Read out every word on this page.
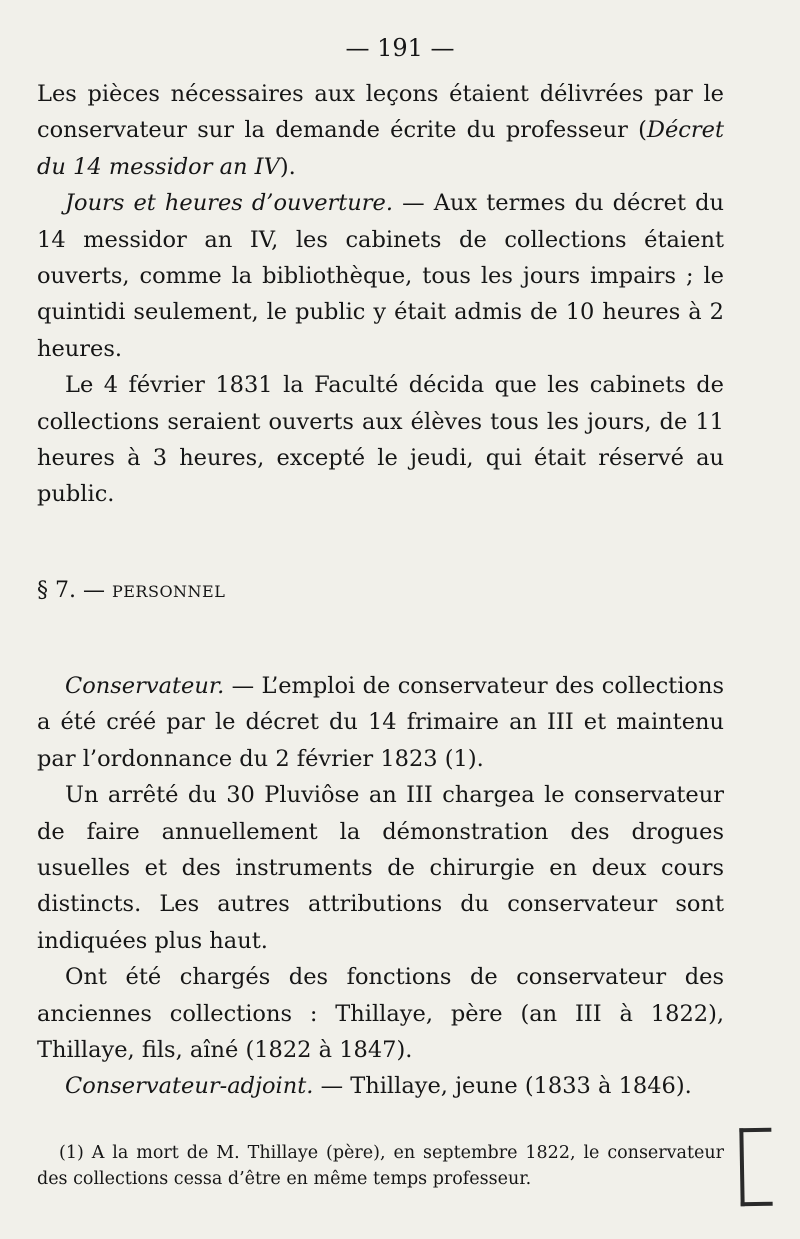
— 191 —

Les pièces nécessaires aux leçons étaient délivrées par le conservateur sur la demande écrite du professeur (Décret du 14 messidor an IV).

Jours et heures d’ouverture. — Aux termes du décret du 14 messidor an IV, les cabinets de collections étaient ouverts, comme la bibliothèque, tous les jours impairs ; le quintidi seulement, le public y était admis de 10 heures à 2 heures.

Le 4 février 1831 la Faculté décida que les cabinets de collections seraient ouverts aux élèves tous les jours, de 11 heures à 3 heures, excepté le jeudi, qui était réservé au public.

§ 7. — PERSONNEL

Conservateur. — L’emploi de conservateur des collections a été créé par le décret du 14 frimaire an III et maintenu par l’ordonnance du 2 février 1823 (1).

Un arrêté du 30 Pluviôse an III chargea le conservateur de faire annuellement la démonstration des drogues usuelles et des instruments de chirurgie en deux cours distincts. Les autres attributions du conservateur sont indiquées plus haut.

Ont été chargés des fonctions de conservateur des anciennes collections : Thillaye, père (an III à 1822), Thillaye, fils, aîné (1822 à 1847).

Conservateur-adjoint. — Thillaye, jeune (1833 à 1846).

(1) A la mort de M. Thillaye (père), en septembre 1822, le conservateur des collections cessa d’être en même temps professeur.
